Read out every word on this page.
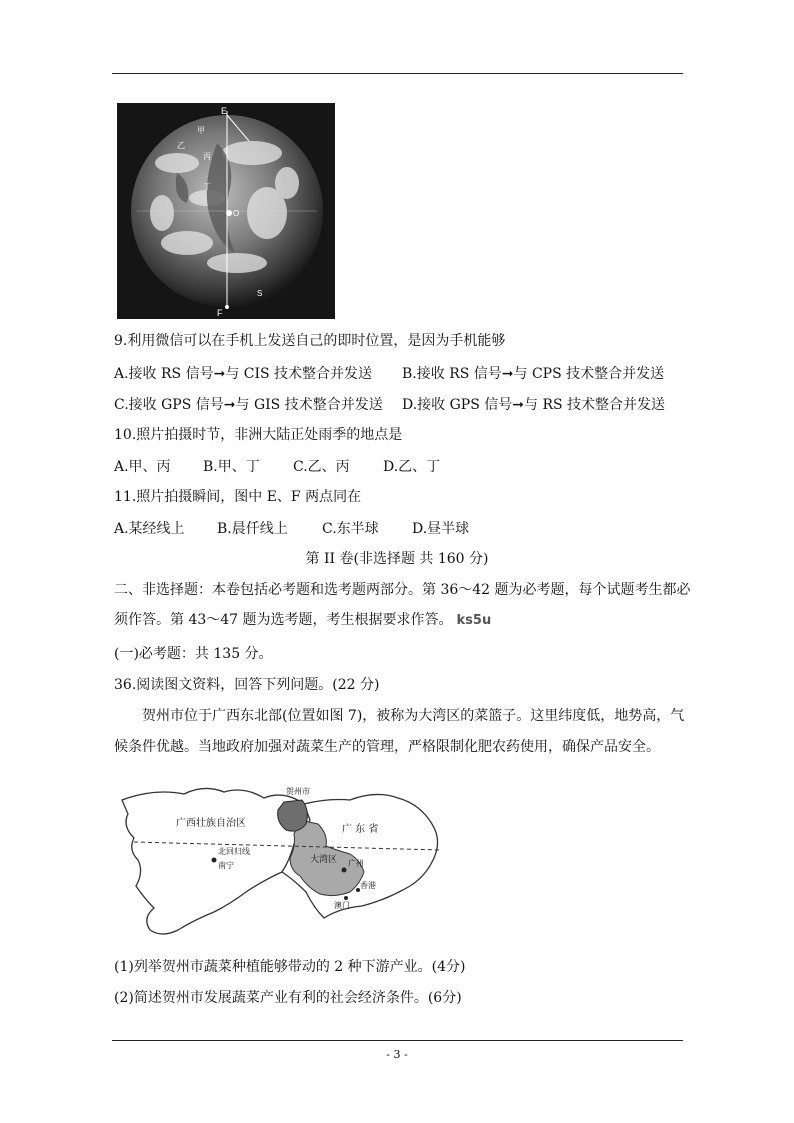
E
甲
乙
丙
丁
O
S
F
9.利用微信可以在手机上发送自己的即时位置，是因为手机能够
A.接收 RS 信号➞与 CIS 技术整合并发送 B.接收 RS 信号➞与 CPS 技术整合并发送
C.接收 GPS 信号➞与 GIS 技术整合并发送 D.接收 GPS 信号➞与 RS 技术整合并发送
10.照片拍摄时节，非洲大陆正处雨季的地点是
A.甲、丙 B.甲、丁 C.乙、丙 D.乙、丁
11.照片拍摄瞬间，图中 E、F 两点同在
A.某经线上 B.晨仟线上 C.东半球 D.昼半球
第 II 卷(非选择题 共 160 分)
二、非选择题：本卷包括必考题和选考题两部分。第 36～42 题为必考题，每个试题考生都必
须作答。第 43～47 题为选考题，考生根据要求作答。 ks5u
(一)必考题：共 135 分。
36.阅读图文资料，回答下列问题。(22 分)
贺州市位于广西东北部(位置如图 7)，被称为大湾区的菜篮子。这里纬度低，地势高，气
候条件优越。当地政府加强对蔬菜生产的管理，严格限制化肥农药使用，确保产品安全。
贺州市
广西壮族自治区
广 东 省
北回归线
南宁
大湾区 广州
香港
澳门
(1)列举贺州市蔬菜种植能够带动的 2 种下游产业。(4分)
(2)简述贺州市发展蔬菜产业有利的社会经济条件。(6分)
- 3 -
